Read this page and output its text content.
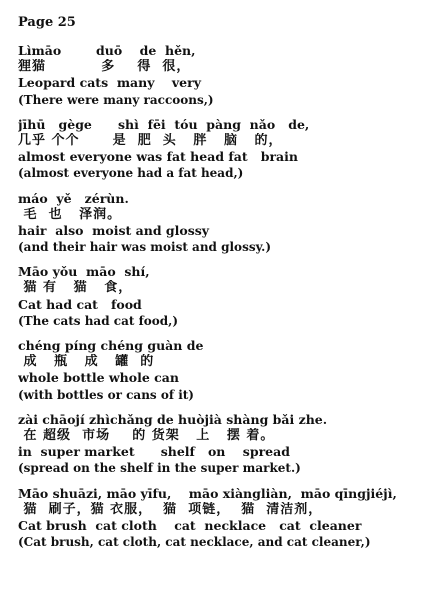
Page 25
Lìmāo        duō    de  hěn,
狸猫          多    得  很，
Leopard cats  many    very
(There were many raccoons,)
jīhū   gège      shì  fēi  tóu  pàng  nǎo   de,
几乎 个个      是  肥  头   胖   脑   的，
almost everyone was fat head fat   brain
(almost everyone had a fat head,)
máo  yě   zérùn.
毛  也   泽润。
hair  also  moist and glossy
(and their hair was moist and glossy.)
Māo yǒu  māo  shí,
猫 有   猫   食，
Cat had cat   food
(The cats had cat food,)
chéng píng chéng guàn de
成   瓶   成   罐  的
whole bottle whole can
(with bottles or cans of it)
zài chāojí zhìchǎng de huòjià shàng bǎi zhe.
在 超级  市场    的 货架   上   摆 着。
in  super market      shelf   on    spread
(spread on the shelf in the super market.)
Māo shuāzi, māo yīfu,    māo xiàngliàn,  māo qīngjiéjì,
猫  刷子，猫 衣服，  猫  项链，  猫  清洁剂，
Cat brush  cat cloth    cat  necklace   cat  cleaner
(Cat brush, cat cloth, cat necklace, and cat cleaner,)
